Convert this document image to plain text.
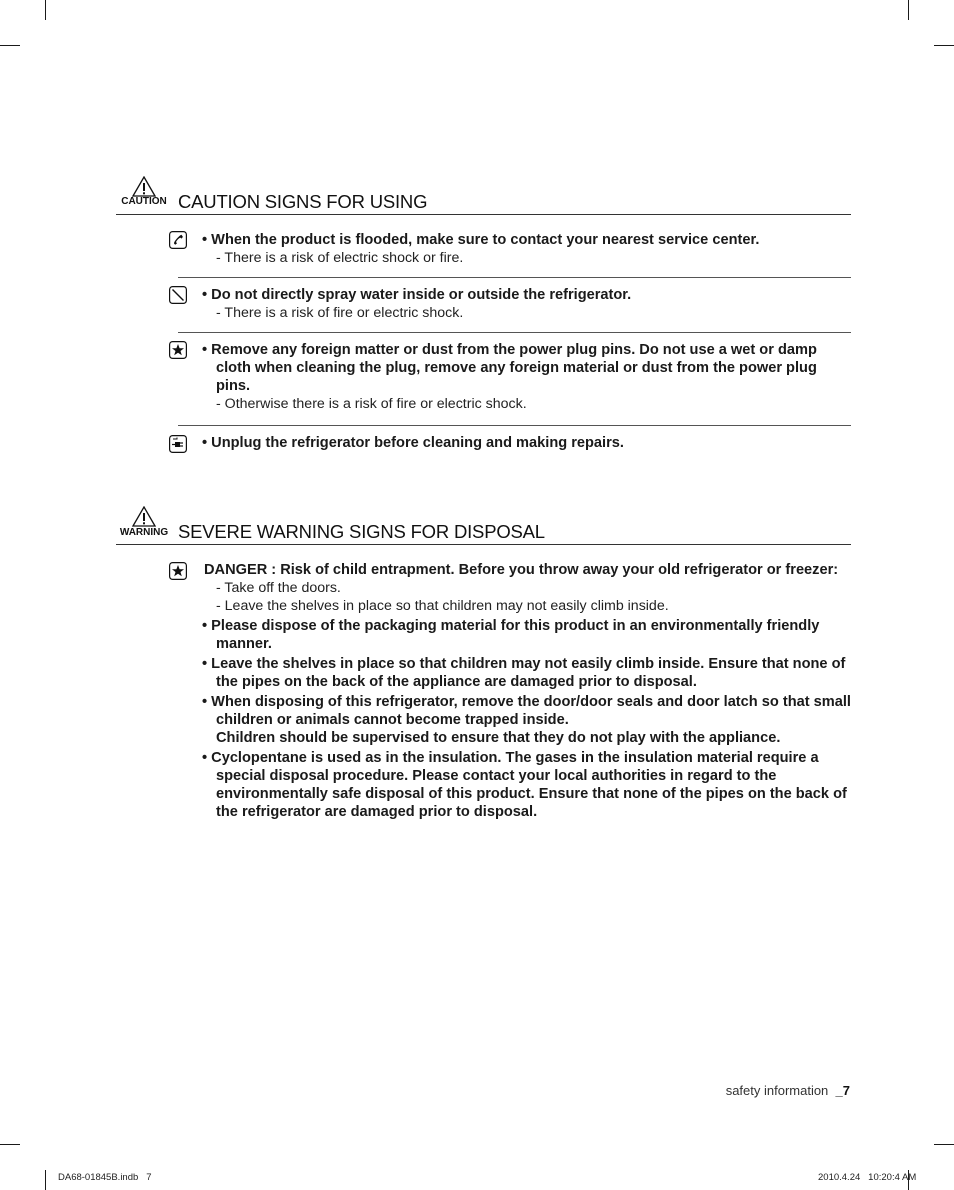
CAUTION CAUTION SIGNS FOR USING
• When the product is flooded, make sure to contact your nearest service center.
- There is a risk of electric shock or fire.
• Do not directly spray water inside or outside the refrigerator.
- There is a risk of fire or electric shock.
• Remove any foreign matter or dust from the power plug pins. Do not use a wet or damp cloth when cleaning the plug, remove any foreign material or dust from the power plug pins.
- Otherwise there is a risk of fire or electric shock.
• Unplug the refrigerator before cleaning and making repairs.
WARNING SEVERE WARNING SIGNS FOR DISPOSAL
DANGER : Risk of child entrapment. Before you throw away your old refrigerator or freezer:
- Take off the doors.
- Leave the shelves in place so that children may not easily climb inside.
• Please dispose of the packaging material for this product in an environmentally friendly manner.
• Leave the shelves in place so that children may not easily climb inside. Ensure that none of the pipes on the back of the appliance are damaged prior to disposal.
• When disposing of this refrigerator, remove the door/door seals and door latch so that small children or animals cannot become trapped inside.
Children should be supervised to ensure that they do not play with the appliance.
• Cyclopentane is used as in the insulation. The gases in the insulation material require a special disposal procedure. Please contact your local authorities in regard to the environmentally safe disposal of this product. Ensure that none of the pipes on the back of the refrigerator are damaged prior to disposal.
safety information _7
DA68-01845B.indb   7	2010.4.24   10:20:4 AM
